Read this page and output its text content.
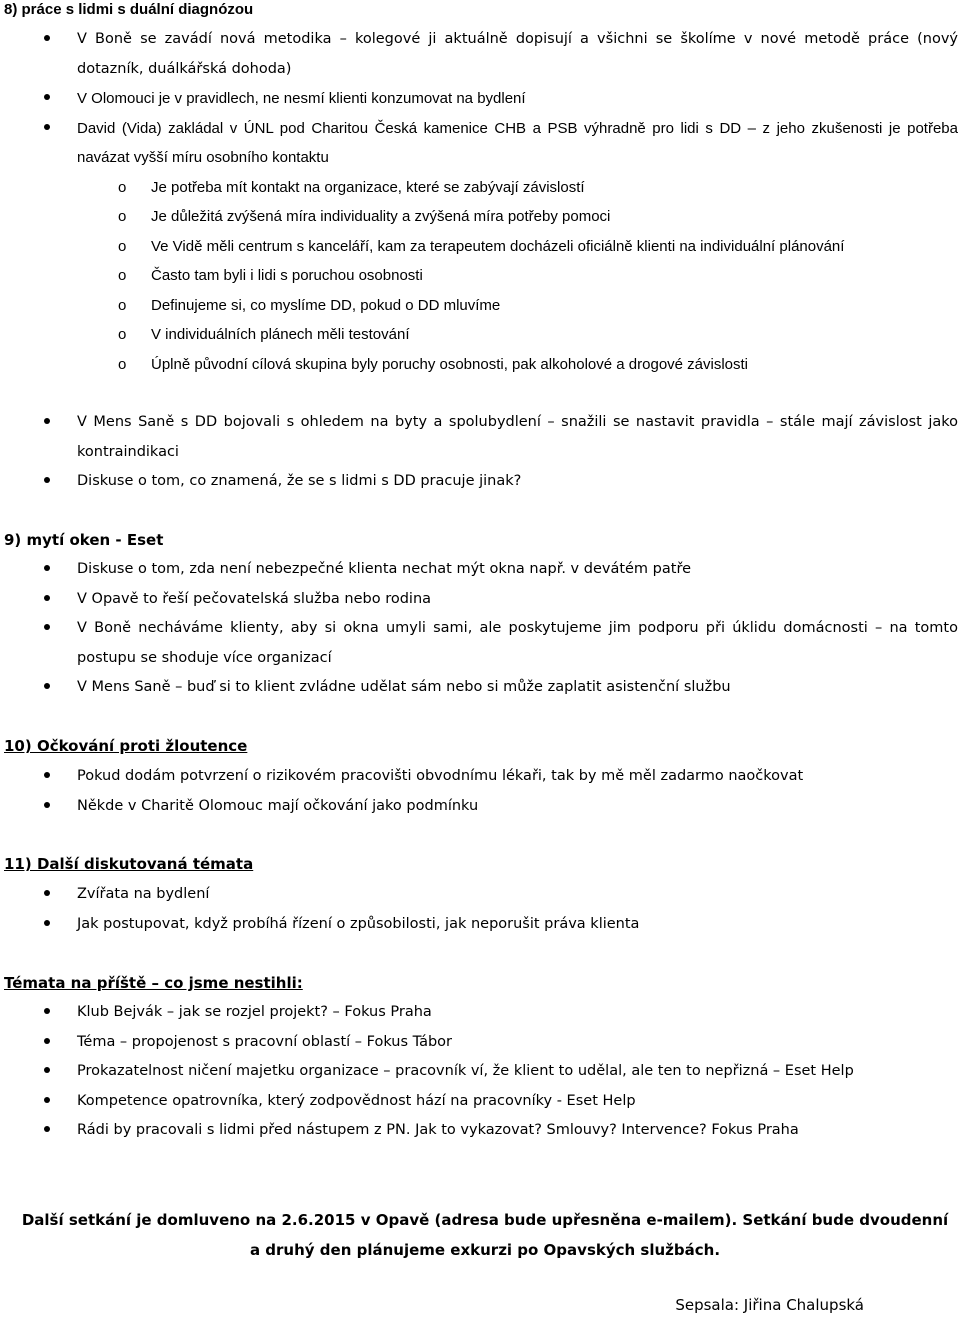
8) práce s lidmi s duální diagnózou

V Boně se zavádí nová metodika – kolegové ji aktuálně dopisují a všichni se školíme v nové metodě práce (nový dotazník, duálkářská dohoda)
V Olomouci je v pravidlech, ne nesmí klienti konzumovat na bydlení
David (Vida) zakládal v ÚNL pod Charitou Česká kamenice CHB a PSB výhradně pro lidi s DD – z jeho zkušenosti je potřeba navázat vyšší míru osobního kontaktu
o Je potřeba mít kontakt na organizace, které se zabývají závislostí
o Je důležitá zvýšená míra individuality a zvýšená míra potřeby pomoci
o Ve Vidě měli centrum s kanceláří, kam za terapeutem docházeli oficiálně klienti na individuální plánování
o Často tam byli i lidi s poruchou osobnosti
o Definujeme si, co myslíme DD, pokud o DD mluvíme
o V individuálních plánech měli testování
o Úplně původní cílová skupina byly poruchy osobnosti, pak alkoholové a drogové závislosti
V Mens Saně s DD bojovali s ohledem na byty a spolubydlení – snažili se nastavit pravidla – stále mají závislost jako kontraindikaci
Diskuse o tom, co znamená, že se s lidmi s DD pracuje jinak?

9) mytí oken - Eset

Diskuse o tom, zda není nebezpečné klienta nechat mýt okna např. v devátém patře
V Opavě to řeší pečovatelská služba nebo rodina
V Boně necháváme klienty, aby si okna umyli sami, ale poskytujeme jim podporu při úklidu domácnosti – na tomto postupu se shoduje více organizací
V Mens Saně – buď si to klient zvládne udělat sám nebo si může zaplatit asistenční službu

10) Očkování proti žloutence

Pokud dodám potvrzení o rizikovém pracovišti obvodnímu lékaři, tak by mě měl zadarmo naočkovat
Někde v Charitě Olomouc mají očkování jako podmínku

11) Další diskutovaná témata

Zvířata na bydlení
Jak postupovat, když probíhá řízení o způsobilosti, jak neporušit práva klienta

Témata na příště – co jsme nestihli:

Klub Bejvák – jak se rozjel projekt? – Fokus Praha
Téma – propojenost s pracovní oblastí – Fokus Tábor
Prokazatelnost ničení majetku organizace – pracovník ví, že klient to udělal, ale ten to nepřizná – Eset Help
Kompetence opatrovníka, který zodpovědnost hází na pracovníky - Eset Help
Rádi by pracovali s lidmi před nástupem z PN. Jak to vykazovat? Smlouvy? Intervence? Fokus Praha

Další setkání je domluveno na 2.6.2015 v Opavě (adresa bude upřesněna e-mailem). Setkání bude dvoudenní a druhý den plánujeme exkurzi po Opavských službách.

Sepsala: Jiřina Chalupská
